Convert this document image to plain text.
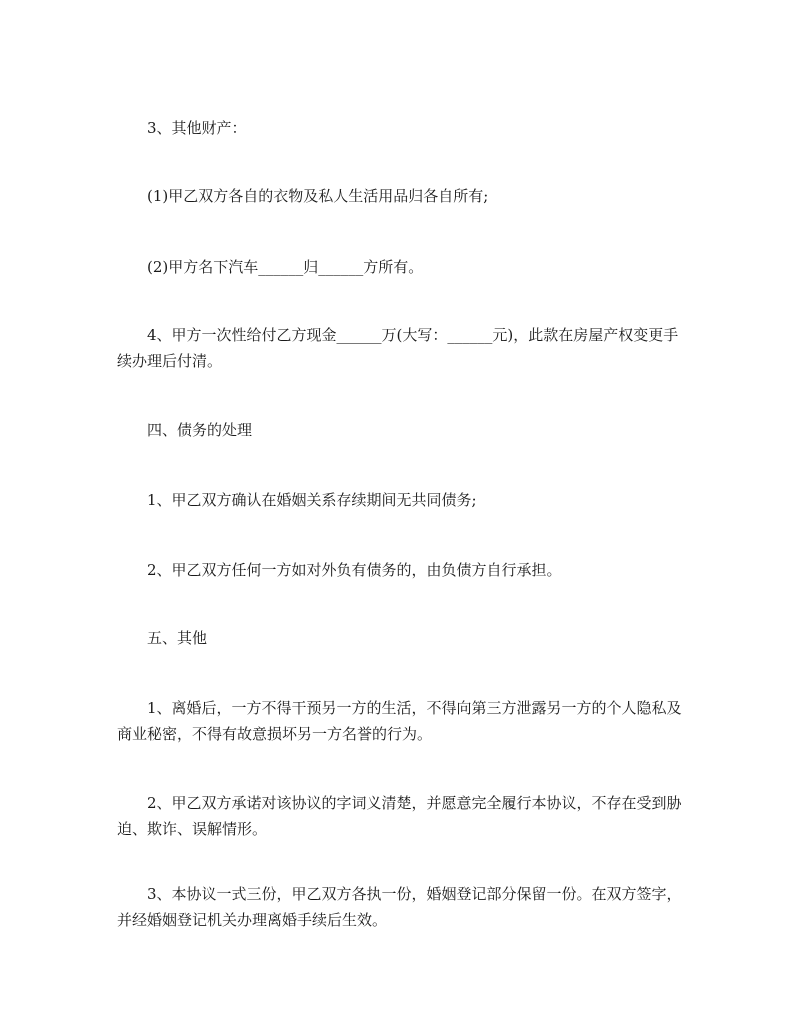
3、其他财产：

(1)甲乙双方各自的衣物及私人生活用品归各自所有;

(2)甲方名下汽车______归______方所有。

4、甲方一次性给付乙方现金______万(大写：______元)，此款在房屋产权变更手续办理后付清。

四、债务的处理

1、甲乙双方确认在婚姻关系存续期间无共同债务;

2、甲乙双方任何一方如对外负有债务的，由负债方自行承担。

五、其他

1、离婚后，一方不得干预另一方的生活，不得向第三方泄露另一方的个人隐私及商业秘密，不得有故意损坏另一方名誉的行为。

2、甲乙双方承诺对该协议的字词义清楚，并愿意完全履行本协议，不存在受到胁迫、欺诈、误解情形。

3、本协议一式三份，甲乙双方各执一份，婚姻登记部分保留一份。在双方签字，并经婚姻登记机关办理离婚手续后生效。
